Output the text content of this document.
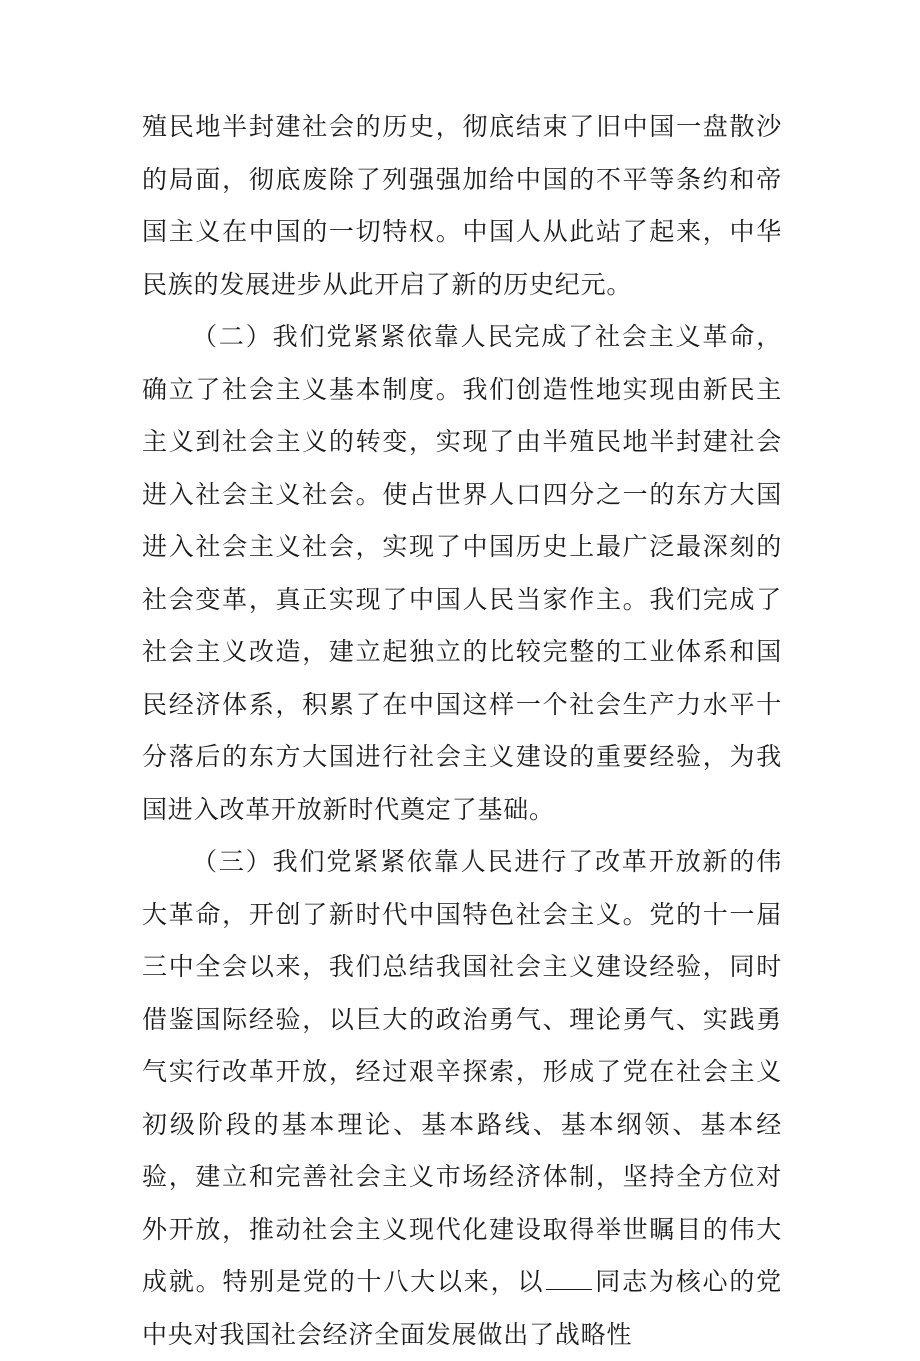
殖民地半封建社会的历史，彻底结束了旧中国一盘散沙的局面，彻底废除了列强强加给中国的不平等条约和帝国主义在中国的一切特权。中国人从此站了起来，中华民族的发展进步从此开启了新的历史纪元。

（二）我们党紧紧依靠人民完成了社会主义革命，确立了社会主义基本制度。我们创造性地实现由新民主主义到社会主义的转变，实现了由半殖民地半封建社会进入社会主义社会。使占世界人口四分之一的东方大国进入社会主义社会，实现了中国历史上最广泛最深刻的社会变革，真正实现了中国人民当家作主。我们完成了社会主义改造，建立起独立的比较完整的工业体系和国民经济体系，积累了在中国这样一个社会生产力水平十分落后的东方大国进行社会主义建设的重要经验，为我国进入改革开放新时代奠定了基础。

（三）我们党紧紧依靠人民进行了改革开放新的伟大革命，开创了新时代中国特色社会主义。党的十一届三中全会以来，我们总结我国社会主义建设经验，同时借鉴国际经验，以巨大的政治勇气、理论勇气、实践勇气实行改革开放，经过艰辛探索，形成了党在社会主义初级阶段的基本理论、基本路线、基本纲领、基本经验，建立和完善社会主义市场经济体制，坚持全方位对外开放，推动社会主义现代化建设取得举世瞩目的伟大成就。特别是党的十八大以来，以 同志为核心的党中央对我国社会经济全面发展做出了战略性
